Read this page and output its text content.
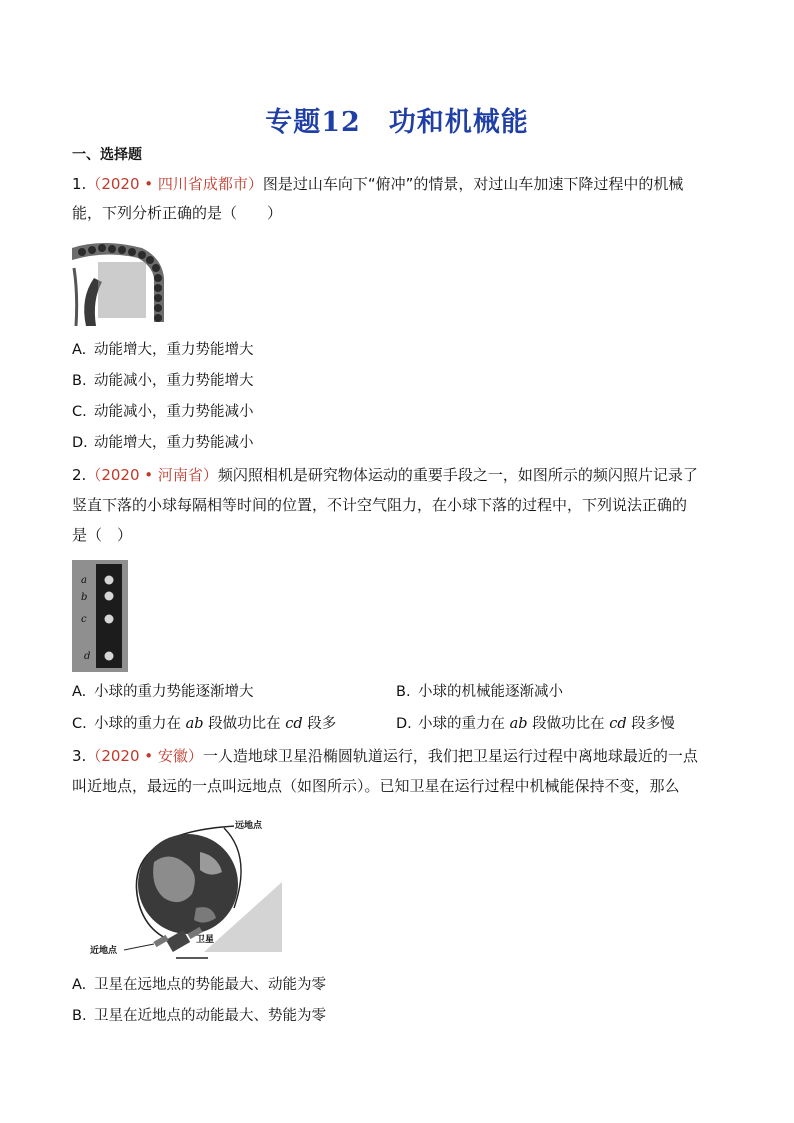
专题12 功和机械能
一、选择题
1.（2020 • 四川省成都市）图是过山车向下“俯冲”的情景，对过山车加速下降过程中的机械
能，下列分析正确的是（　　）
A. 动能增大，重力势能增大
B. 动能减小，重力势能增大
C. 动能减小，重力势能减小
D. 动能增大，重力势能减小
2.（2020 • 河南省）频闪照相机是研究物体运动的重要手段之一，如图所示的频闪照片记录了
竖直下落的小球每隔相等时间的位置，不计空气阻力，在小球下落的过程中，下列说法正确的
是（　）
a
b
c
d
A. 小球的重力势能逐渐增大	B. 小球的机械能逐渐减小
C. 小球的重力在 ab 段做功比在 cd 段多	D. 小球的重力在 ab 段做功比在 cd 段多慢
3.（2020 • 安徽）一人造地球卫星沿椭圆轨道运行，我们把卫星运行过程中离地球最近的一点
叫近地点，最远的一点叫远地点（如图所示）。已知卫星在运行过程中机械能保持不变，那么
远地点
卫星
近地点
A. 卫星在远地点的势能最大、动能为零
B. 卫星在近地点的动能最大、势能为零
